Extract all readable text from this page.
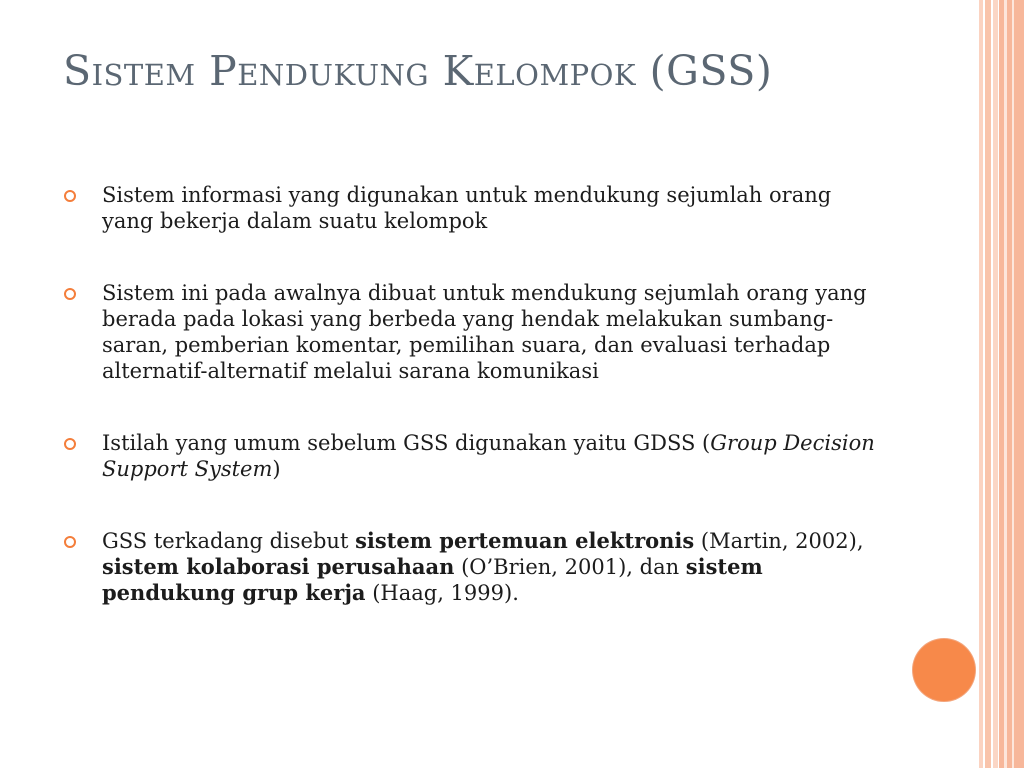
Sistem Pendukung Kelompok (GSS)
Sistem informasi yang digunakan untuk mendukung sejumlah orang yang bekerja dalam suatu kelompok
Sistem ini pada awalnya dibuat untuk mendukung sejumlah orang yang berada pada lokasi yang berbeda yang hendak melakukan sumbang-saran, pemberian komentar, pemilihan suara, dan evaluasi terhadap alternatif-alternatif melalui sarana komunikasi
Istilah yang umum sebelum GSS digunakan yaitu GDSS (Group Decision Support System)
GSS terkadang disebut sistem pertemuan elektronis (Martin, 2002), sistem kolaborasi perusahaan (O’Brien, 2001), dan sistem pendukung grup kerja (Haag, 1999).
